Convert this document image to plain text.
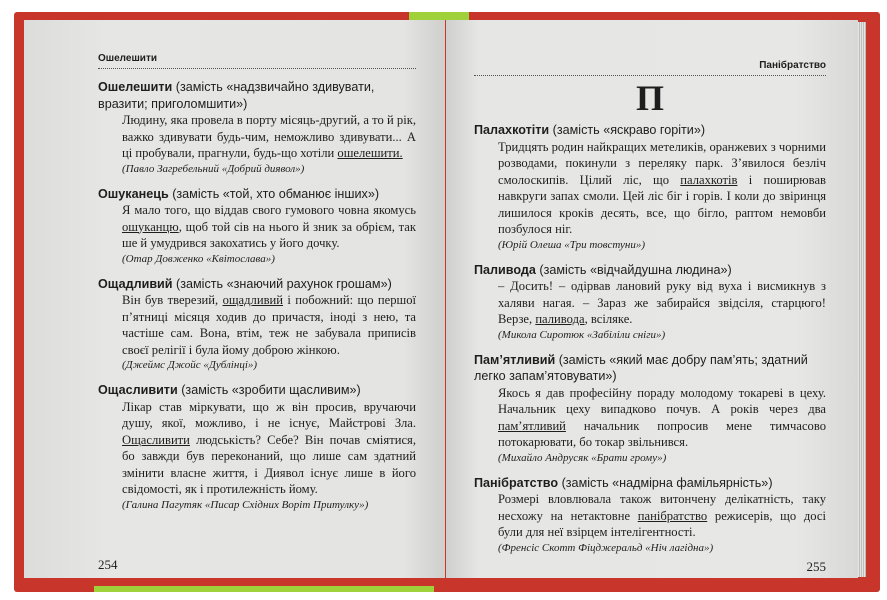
Ошелешити
Ошелешити (замість «надзвичайно здивувати, вразити; приголомшити»)
Людину, яка провела в порту місяць-другий, а то й рік, важко здивувати будь-чим, неможливо здивувати... А ці пробували, прагнули, будь-що хотіли ошелешити.
(Павло Загребельний «Добрий диявол»)
Ошуканець (замість «той, хто обманює інших»)
Я мало того, що віддав свого гумового човна якомусь ошуканцю, щоб той сів на нього й зник за обрієм, так ше й умудрився закохатись у його дочку.
(Отар Довженко «Квітослава»)
Ощадливий (замість «знаючий рахунок грошам»)
Він був тверезий, ощадливий і побожний: що першої п’ятниці місяця ходив до причастя, іноді з нею, та частіше сам. Вона, втім, теж не забувала приписів своєї релігії і була йому доброю жінкою.
(Джеймс Джойс «Дублінці»)
Ощасливити (замість «зробити щасливим»)
Лікар став міркувати, що ж він просив, вручаючи душу, якої, можливо, і не існує, Майстрові Зла. Ощасливити людськість? Себе? Він почав сміятися, бо завжди був переконаний, що лише сам здатний змінити власне життя, і Диявол існує лише в його свідомості, як і протилежність йому.
(Галина Пагутяк «Писар Східних Воріт Притулку»)
254
Панібратство
П
Палахкотіти (замість «яскраво горіти»)
Тридцять родин найкращих метеликів, оранжевих з чорними розводами, покинули з переляку парк. З’явилося безліч смолоскипів. Цілий ліс, що палахкотів і поширював навкруги запах смоли. Цей ліс біг і горів. І коли до звіринця лишилося кроків десять, все, що бігло, раптом немовби позбулося ніг.
(Юрій Олеша «Три товстуни»)
Паливода (замість «відчайдушна людина»)
– Досить! – одірвав лановий руку від вуха і висмикнув з халяви нагая. – Зараз же забирайся звідсіля, старцюго! Верзе, паливода, всіляке.
(Микола Сиротюк «Забіліли сніги»)
Пам’ятливий (замість «який має добру пам’ять; здатний легко запам’ятовувати»)
Якось я дав професійну пораду молодому токареві в цеху. Начальник цеху випадково почув. А років через два пам’ятливий начальник попросив мене тимчасово потокарювати, бо токар звільнився.
(Михайло Андрусяк «Брати грому»)
Панібратство (замість «надмірна фамільярність»)
Розмері вловлювала також витончену делікатність, таку несхожу на нетактовне панібратство режисерів, що досі були для неї взірцем інтелігентності.
(Френсіс Скотт Фіцджеральд «Ніч лагідна»)
255
